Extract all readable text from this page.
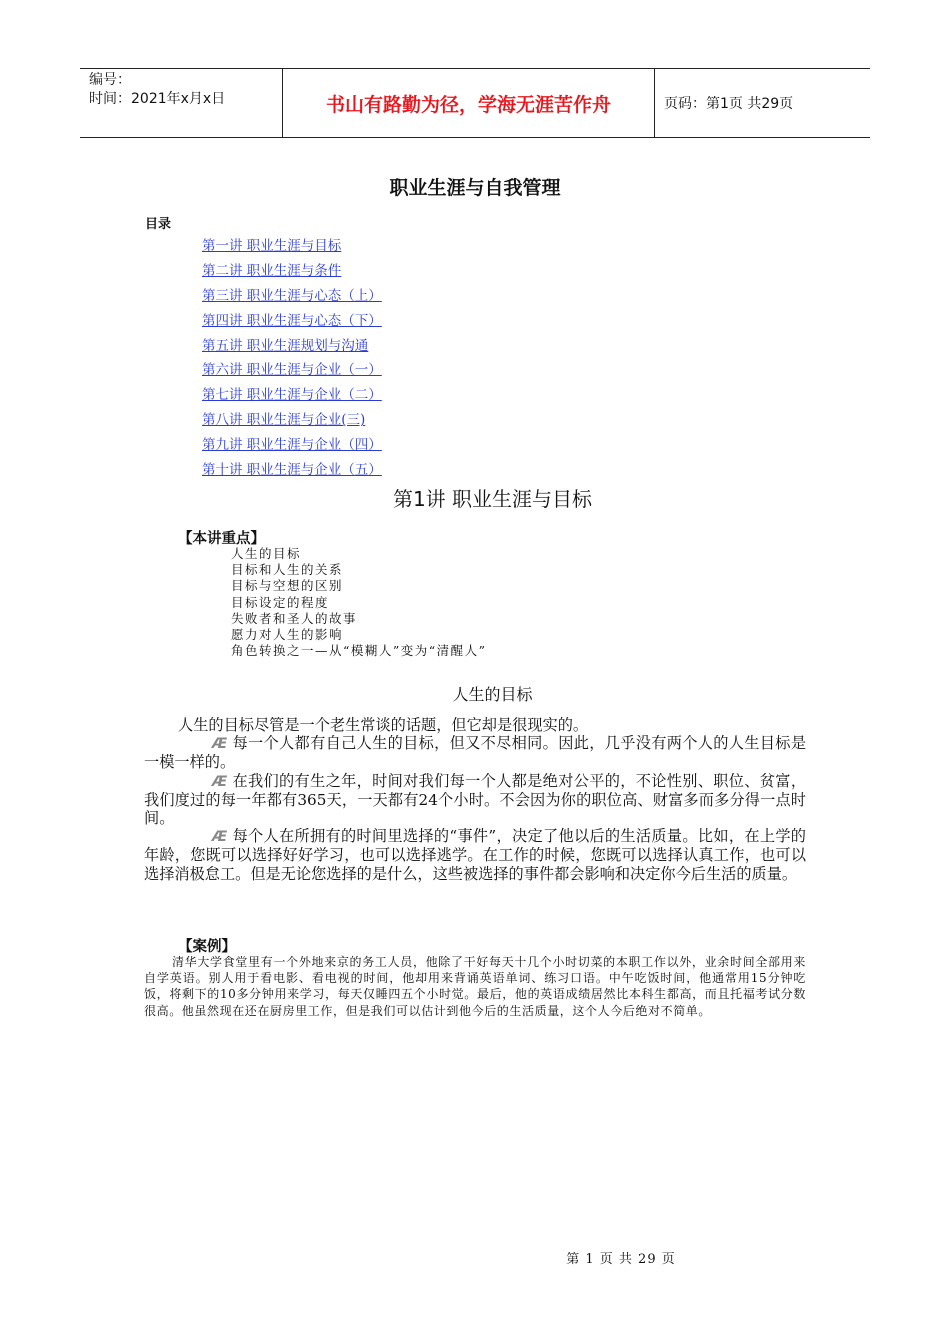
编号：
时间：2021年x月x日	书山有路勤为径，学海无涯苦作舟	页码：第1页 共29页
职业生涯与自我管理
目录
第一讲 职业生涯与目标
第二讲 职业生涯与条件
第三讲 职业生涯与心态（上）
第四讲 职业生涯与心态（下）
第五讲 职业生涯规划与沟通
第六讲 职业生涯与企业（一）
第七讲 职业生涯与企业（二）
第八讲 职业生涯与企业(三)
第九讲 职业生涯与企业（四）
第十讲 职业生涯与企业（五）
第1讲 职业生涯与目标
【本讲重点】
人生的目标
目标和人生的关系
目标与空想的区别
目标设定的程度
失败者和圣人的故事
愿力对人生的影响
角色转换之一—从“模糊人”变为“清醒人”
人生的目标

人生的目标尽管是一个老生常谈的话题，但它却是很现实的。

Æ 每一个人都有自己人生的目标，但又不尽相同。因此，几乎没有两个人的人生目标是一模一样的。

Æ 在我们的有生之年，时间对我们每一个人都是绝对公平的，不论性别、职位、贫富，我们度过的每一年都有365天，一天都有24个小时。不会因为你的职位高、财富多而多分得一点时间。

Æ 每个人在所拥有的时间里选择的“事件”，决定了他以后的生活质量。比如，在上学的年龄，您既可以选择好好学习，也可以选择逃学。在工作的时候，您既可以选择认真工作，也可以选择消极怠工。但是无论您选择的是什么，这些被选择的事件都会影响和决定你今后生活的质量。

【案例】

清华大学食堂里有一个外地来京的务工人员，他除了干好每天十几个小时切菜的本职工作以外，业余时间全部用来自学英语。别人用于看电影、看电视的时间，他却用来背诵英语单词、练习口语。中午吃饭时间，他通常用15分钟吃饭，将剩下的10多分钟用来学习，每天仅睡四五个小时觉。最后，他的英语成绩居然比本科生都高，而且托福考试分数很高。他虽然现在还在厨房里工作，但是我们可以估计到他今后的生活质量，这个人今后绝对不简单。

第 1 页 共 29 页
